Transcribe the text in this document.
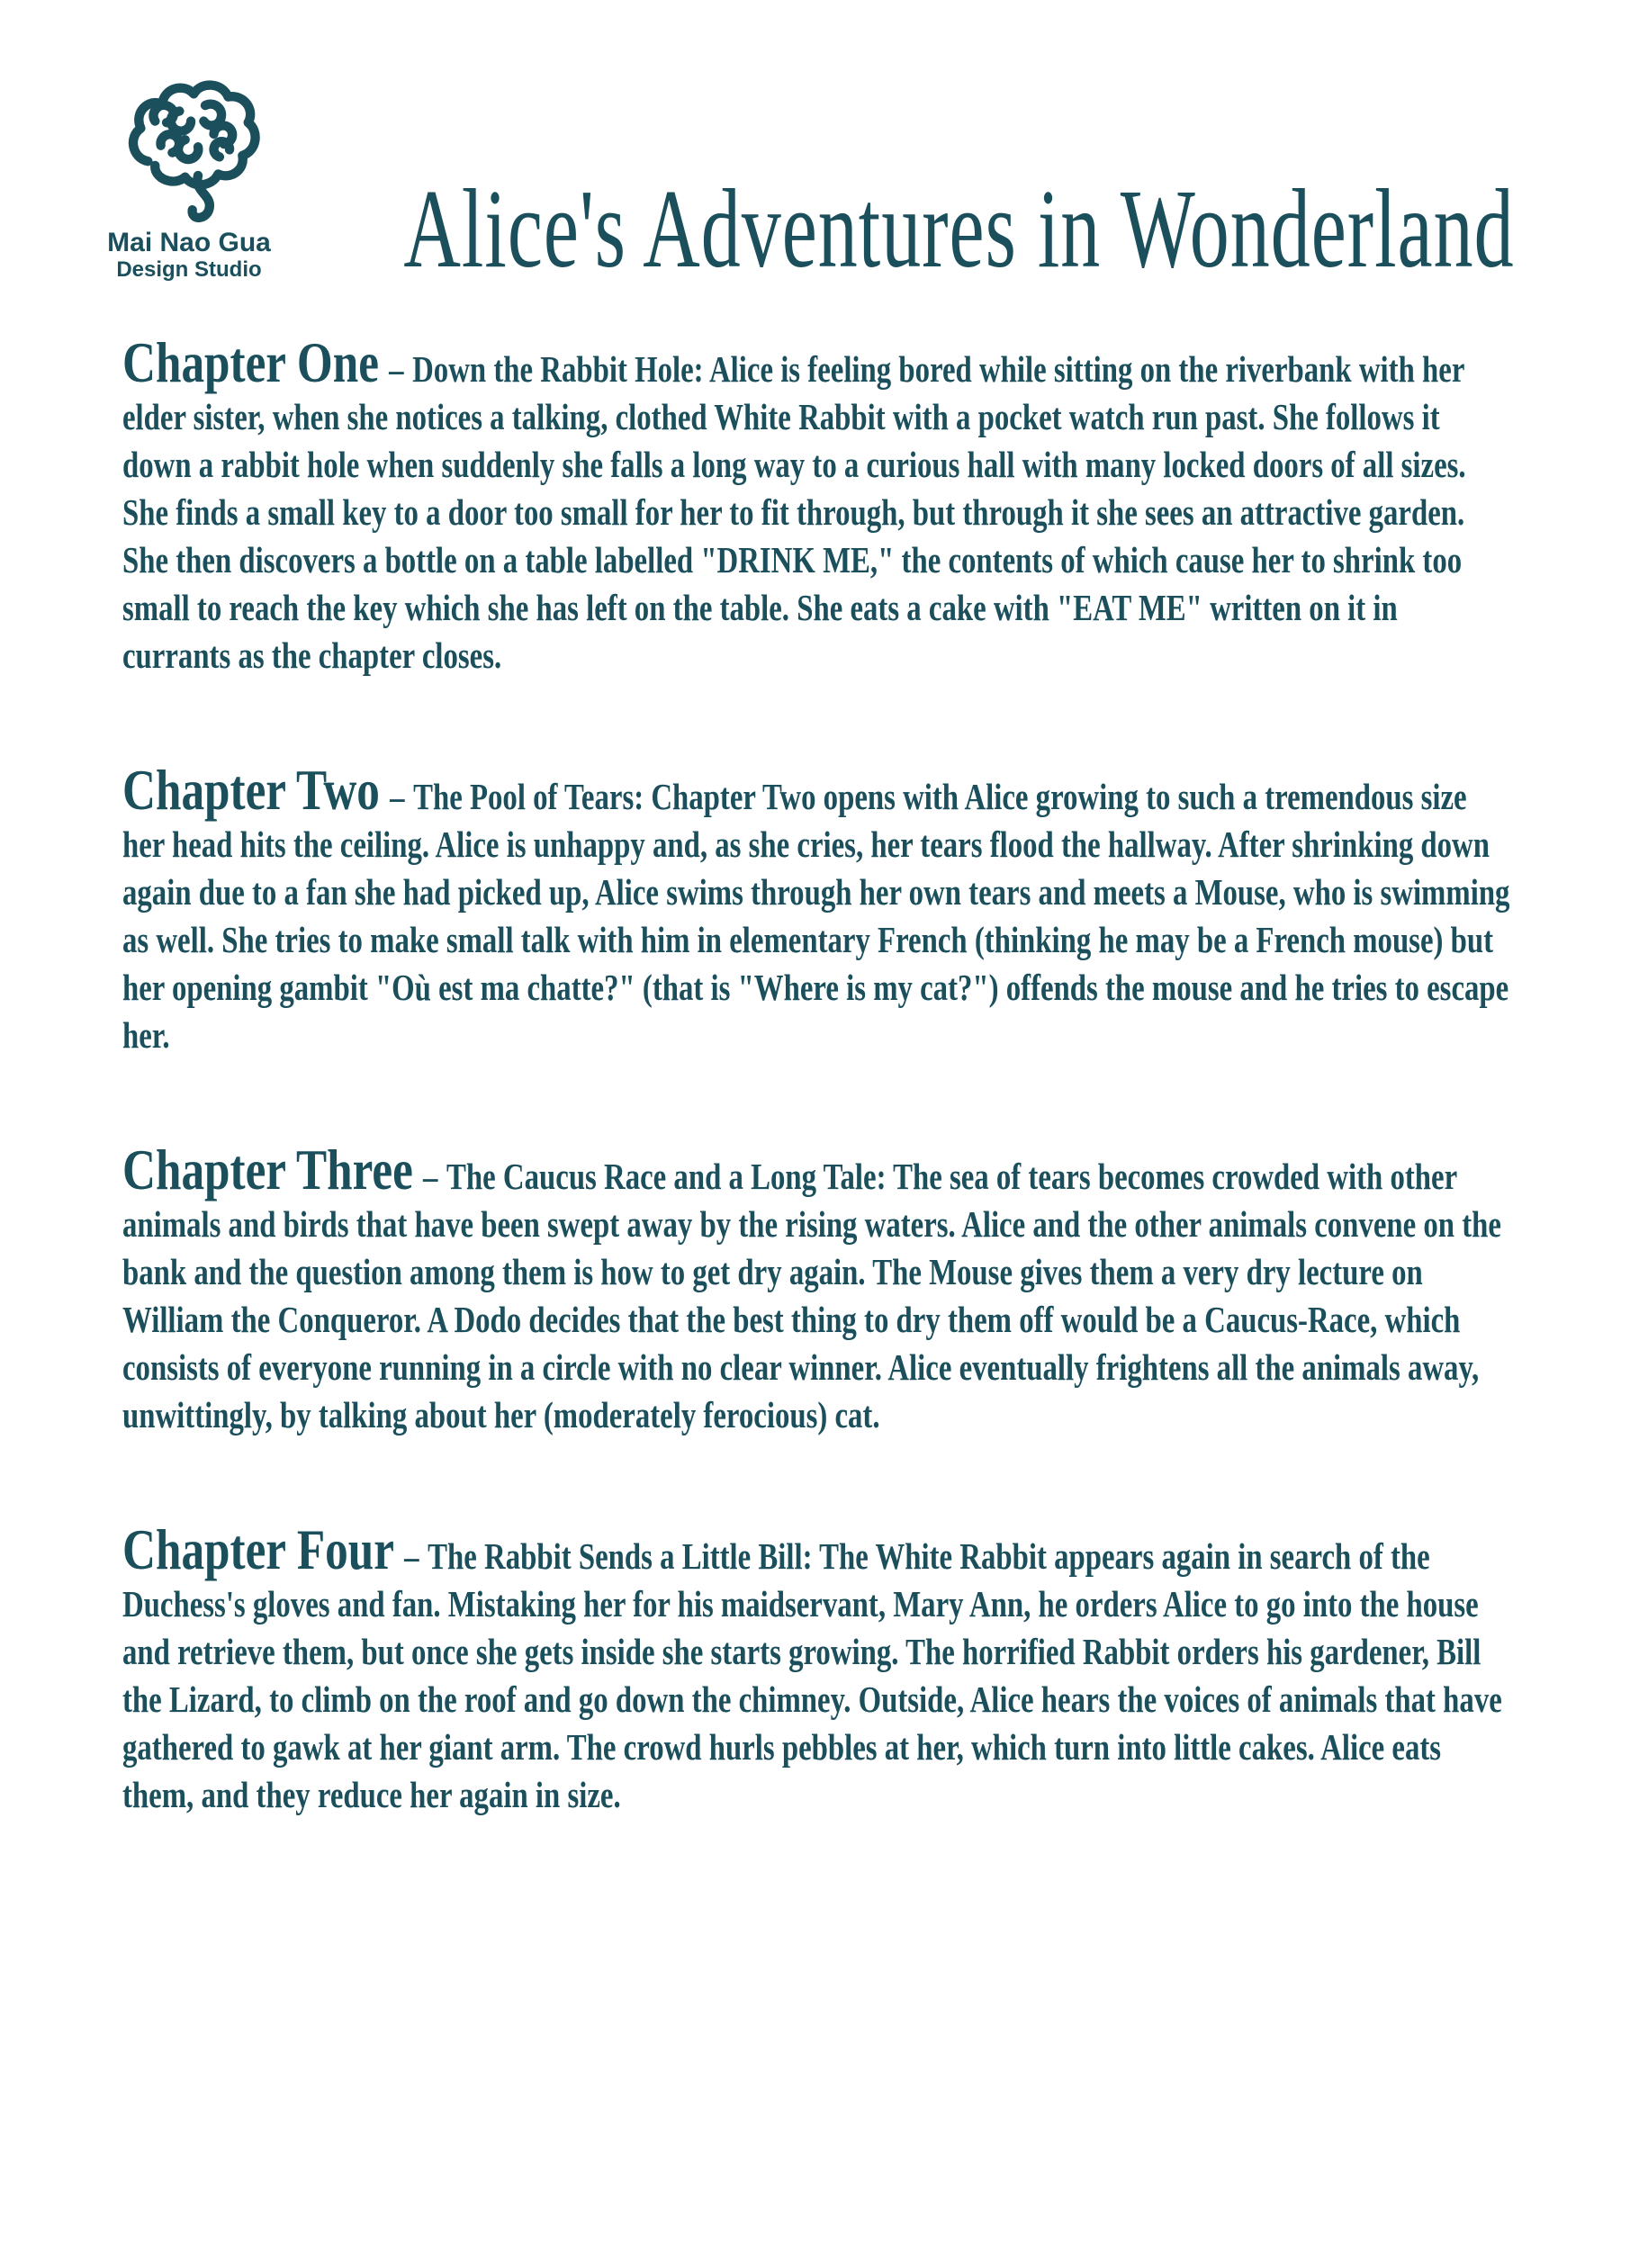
Mai Nao Gua
Design Studio	Alice's Adventures in Wonderland

Chapter One – Down the Rabbit Hole: Alice is feeling bored while sitting on the riverbank with her elder sister, when she notices a talking, clothed White Rabbit with a pocket watch run past. She follows it down a rabbit hole when suddenly she falls a long way to a curious hall with many locked doors of all sizes. She finds a small key to a door too small for her to fit through, but through it she sees an attractive garden. She then discovers a bottle on a table labelled "DRINK ME," the contents of which cause her to shrink too small to reach the key which she has left on the table. She eats a cake with "EAT ME" written on it in currants as the chapter closes.

Chapter Two – The Pool of Tears: Chapter Two opens with Alice growing to such a tremendous size her head hits the ceiling. Alice is unhappy and, as she cries, her tears flood the hallway. After shrinking down again due to a fan she had picked up, Alice swims through her own tears and meets a Mouse, who is swimming as well. She tries to make small talk with him in elementary French (thinking he may be a French mouse) but her opening gambit "Où est ma chatte?" (that is "Where is my cat?") offends the mouse and he tries to escape her.

Chapter Three – The Caucus Race and a Long Tale: The sea of tears becomes crowded with other animals and birds that have been swept away by the rising waters. Alice and the other animals convene on the bank and the question among them is how to get dry again. The Mouse gives them a very dry lecture on William the Conqueror. A Dodo decides that the best thing to dry them off would be a Caucus-Race, which consists of everyone running in a circle with no clear winner. Alice eventually frightens all the animals away, unwittingly, by talking about her (moderately ferocious) cat.

Chapter Four – The Rabbit Sends a Little Bill: The White Rabbit appears again in search of the Duchess's gloves and fan. Mistaking her for his maidservant, Mary Ann, he orders Alice to go into the house and retrieve them, but once she gets inside she starts growing. The horrified Rabbit orders his gardener, Bill the Lizard, to climb on the roof and go down the chimney. Outside, Alice hears the voices of animals that have gathered to gawk at her giant arm. The crowd hurls pebbles at her, which turn into little cakes. Alice eats them, and they reduce her again in size.
